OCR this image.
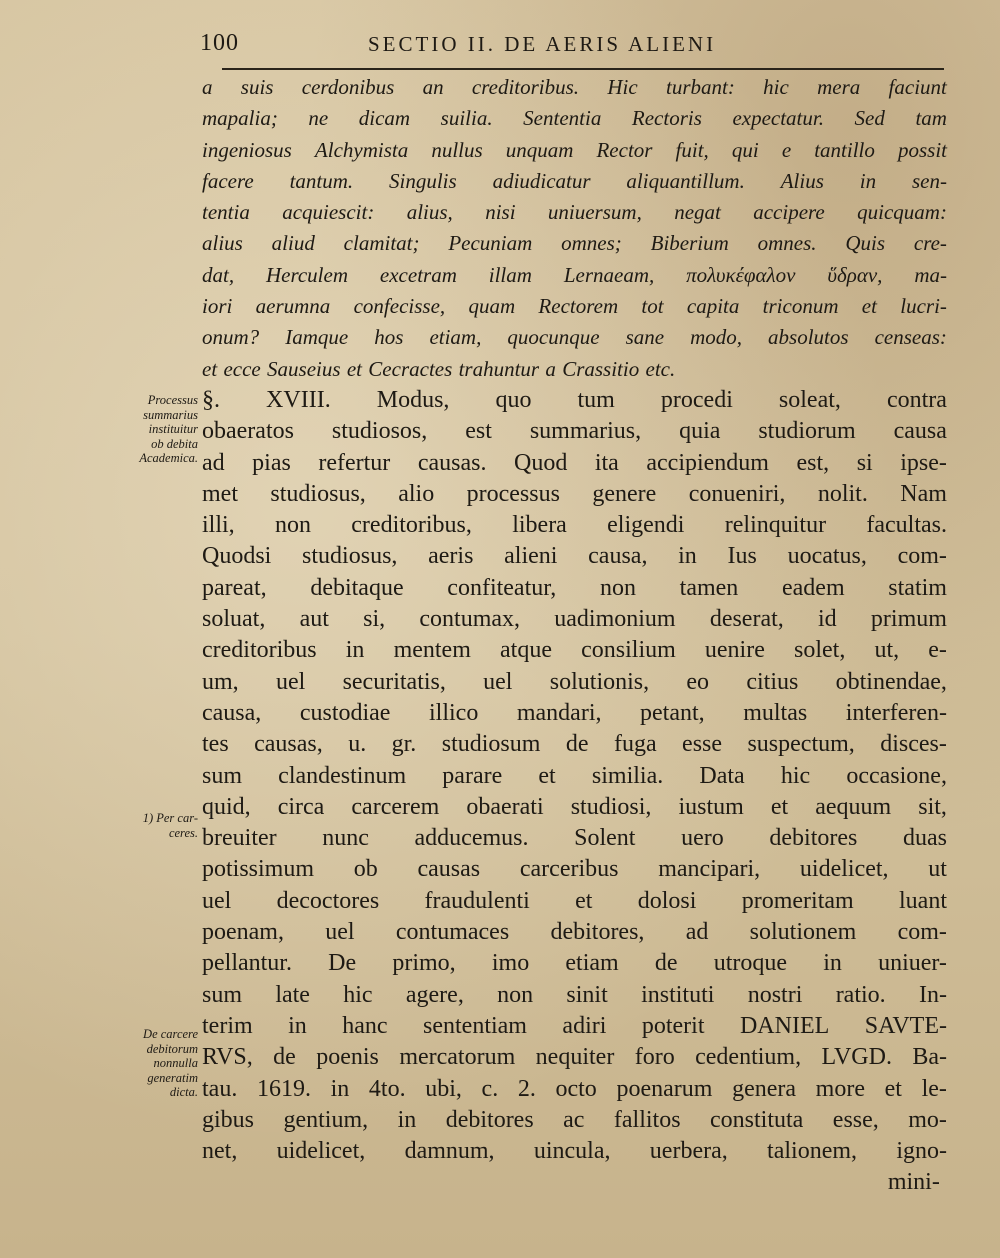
100	SECTIO II. DE AERIS ALIENI
a suis cerdonibus an creditoribus. Hic turbant: hic mera faciunt
mapalia; ne dicam suilia. Sententia Rectoris expectatur. Sed tam
ingeniosus Alchymista nullus unquam Rector fuit, qui e tantillo possit
facere tantum. Singulis adiudicatur aliquantillum. Alius in sen-
tentia acquiescit: alius, nisi uniuersum, negat accipere quicquam:
alius aliud clamitat; Pecuniam omnes; Biberium omnes. Quis cre-
dat, Herculem excetram illam Lernaeam, πολυκέφαλον ὕδραν, ma-
iori aerumna confecisse, quam Rectorem tot capita triconum et lucri-
onum? Iamque hos etiam, quocunque sane modo, absolutos censeas:
et ecce Sauseius et Cecractes trahuntur a Crassitio etc.
§. XVIII. Modus, quo tum procedi soleat, contra
obaeratos studiosos, est summarius, quia studiorum causa
ad pias refertur causas. Quod ita accipiendum est, si ipse-
met studiosus, alio processus genere conueniri, nolit. Nam
illi, non creditoribus, libera eligendi relinquitur facultas.
Quodsi studiosus, aeris alieni causa, in Ius uocatus, com-
pareat, debitaque confiteatur, non tamen eadem statim
soluat, aut si, contumax, uadimonium deserat, id primum
creditoribus in mentem atque consilium uenire solet, ut, e-
um, uel securitatis, uel solutionis, eo citius obtinendae,
causa, custodiae illico mandari, petant, multas interferen-
tes causas, u. gr. studiosum de fuga esse suspectum, disces-
sum clandestinum parare et similia. Data hic occasione,
quid, circa carcerem obaerati studiosi, iustum et aequum sit,
breuiter nunc adducemus. Solent uero debitores duas
potissimum ob causas carceribus mancipari, uidelicet, ut
uel decoctores fraudulenti et dolosi promeritam luant
poenam, uel contumaces debitores, ad solutionem com-
pellantur. De primo, imo etiam de utroque in uniuer-
sum late hic agere, non sinit instituti nostri ratio. In-
terim in hanc sententiam adiri poterit DANIEL SAVTE-
RVS, de poenis mercatorum nequiter foro cedentium, LVGD. Ba-
tau. 1619. in 4to. ubi, c. 2. octo poenarum genera more et le-
gibus gentium, in debitores ac fallitos constituta esse, mo-
net, uidelicet, damnum, uincula, uerbera, talionem, igno-
mini-
Processus
summarius
instituitur
ob debita
Academica.
1) Per car-
ceres.
De carcere
debitorum
nonnulla
generatim
dicta.
